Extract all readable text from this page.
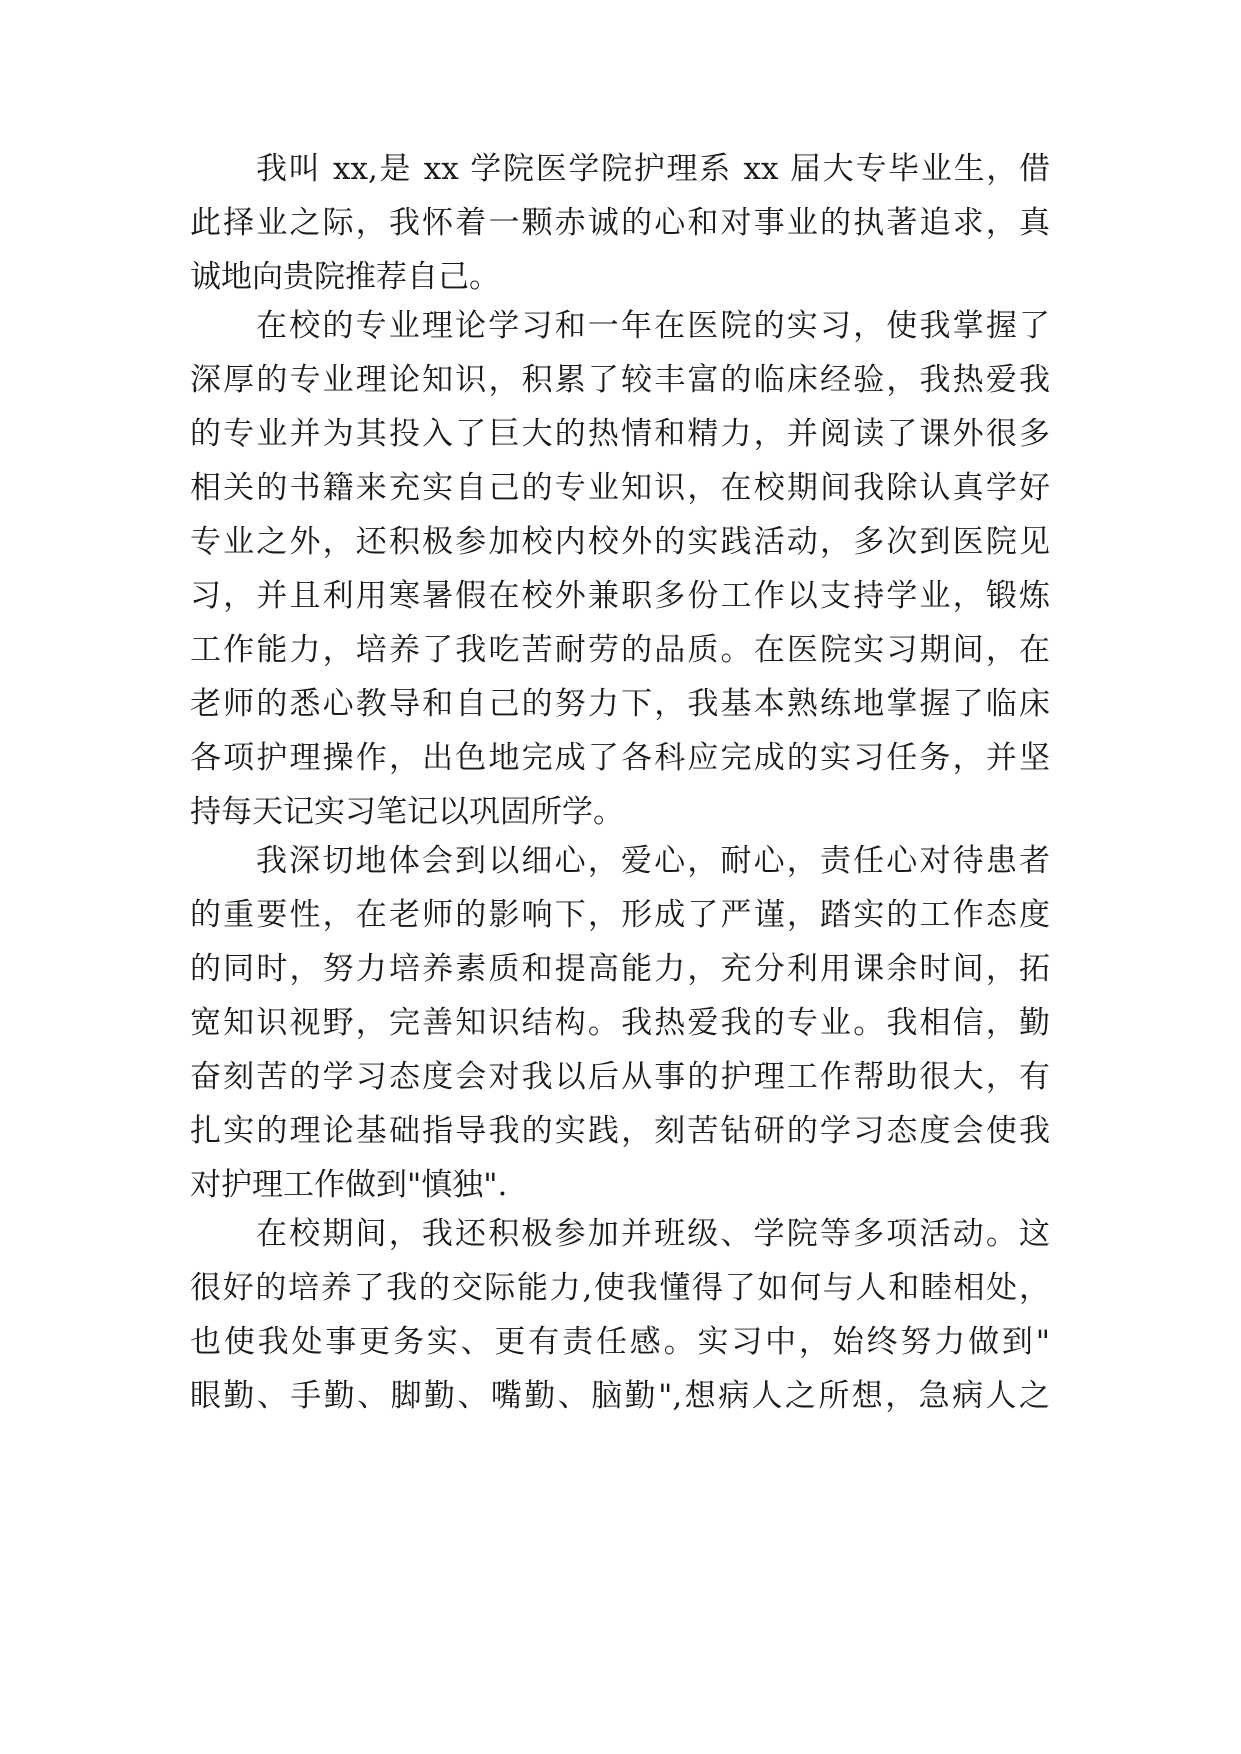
我叫 xx,是 xx 学院医学院护理系 xx 届大专毕业生，借

此择业之际，我怀着一颗赤诚的心和对事业的执著追求，真

诚地向贵院推荐自己。

在校的专业理论学习和一年在医院的实习，使我掌握了

深厚的专业理论知识，积累了较丰富的临床经验，我热爱我

的专业并为其投入了巨大的热情和精力，并阅读了课外很多

相关的书籍来充实自己的专业知识，在校期间我除认真学好

专业之外，还积极参加校内校外的实践活动，多次到医院见

习，并且利用寒暑假在校外兼职多份工作以支持学业，锻炼

工作能力，培养了我吃苦耐劳的品质。在医院实习期间，在

老师的悉心教导和自己的努力下，我基本熟练地掌握了临床

各项护理操作，出色地完成了各科应完成的实习任务，并坚

持每天记实习笔记以巩固所学。

我深切地体会到以细心，爱心，耐心，责任心对待患者

的重要性，在老师的影响下，形成了严谨，踏实的工作态度

的同时，努力培养素质和提高能力，充分利用课余时间，拓

宽知识视野，完善知识结构。我热爱我的专业。我相信，勤

奋刻苦的学习态度会对我以后从事的护理工作帮助很大，有

扎实的理论基础指导我的实践，刻苦钻研的学习态度会使我

对护理工作做到"慎独".

在校期间，我还积极参加并班级、学院等多项活动。这

很好的培养了我的交际能力,使我懂得了如何与人和睦相处，

也使我处事更务实、更有责任感。实习中，始终努力做到"

眼勤、手勤、脚勤、嘴勤、脑勤",想病人之所想，急病人之
